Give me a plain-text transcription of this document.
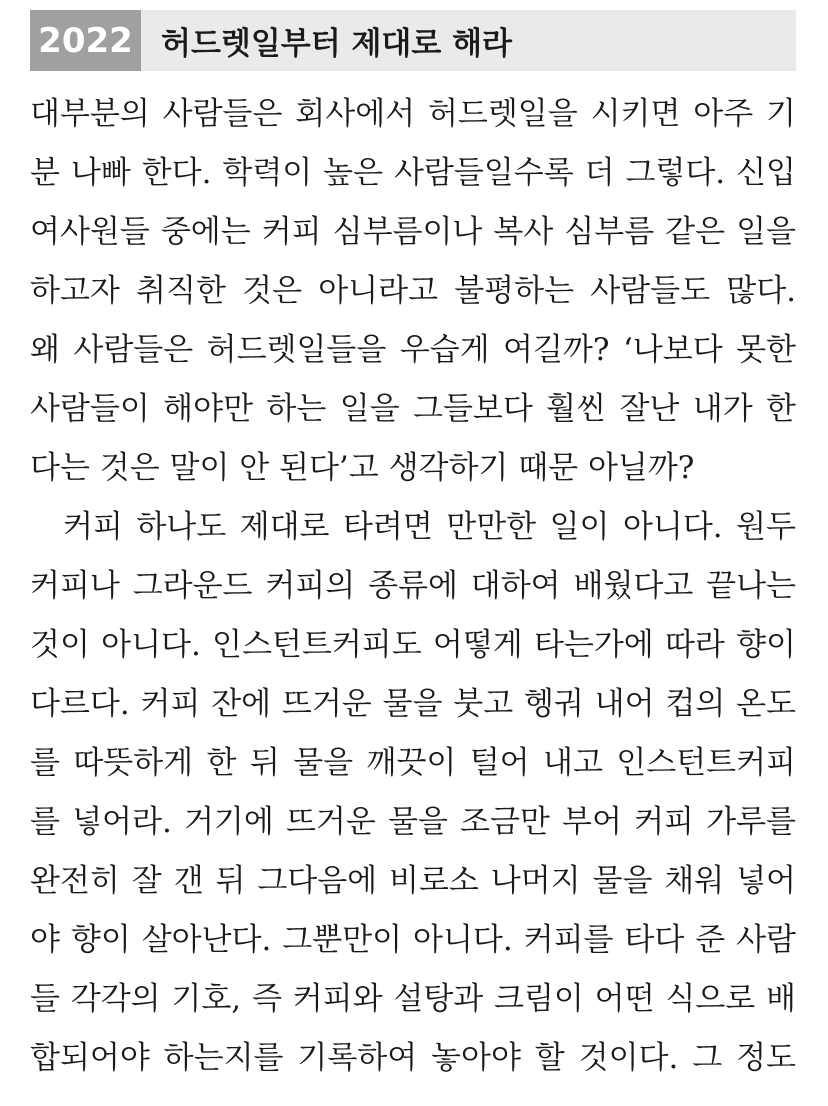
2022 허드렛일부터 제대로 해라
대부분의 사람들은 회사에서 허드렛일을 시키면 아주 기
분 나빠 한다. 학력이 높은 사람들일수록 더 그렇다. 신입
여사원들 중에는 커피 심부름이나 복사 심부름 같은 일을
하고자 취직한 것은 아니라고 불평하는 사람들도 많다.
왜 사람들은 허드렛일들을 우습게 여길까? ‘나보다 못한
사람들이 해야만 하는 일을 그들보다 훨씬 잘난 내가 한
다는 것은 말이 안 된다’고 생각하기 때문 아닐까?
커피 하나도 제대로 타려면 만만한 일이 아니다. 원두
커피나 그라운드 커피의 종류에 대하여 배웠다고 끝나는
것이 아니다. 인스턴트커피도 어떻게 타는가에 따라 향이
다르다. 커피 잔에 뜨거운 물을 붓고 헹궈 내어 컵의 온도
를 따뜻하게 한 뒤 물을 깨끗이 털어 내고 인스턴트커피
를 넣어라. 거기에 뜨거운 물을 조금만 부어 커피 가루를
완전히 잘 갠 뒤 그다음에 비로소 나머지 물을 채워 넣어
야 향이 살아난다. 그뿐만이 아니다. 커피를 타다 준 사람
들 각각의 기호, 즉 커피와 설탕과 크림이 어떤 식으로 배
합되어야 하는지를 기록하여 놓아야 할 것이다. 그 정도
